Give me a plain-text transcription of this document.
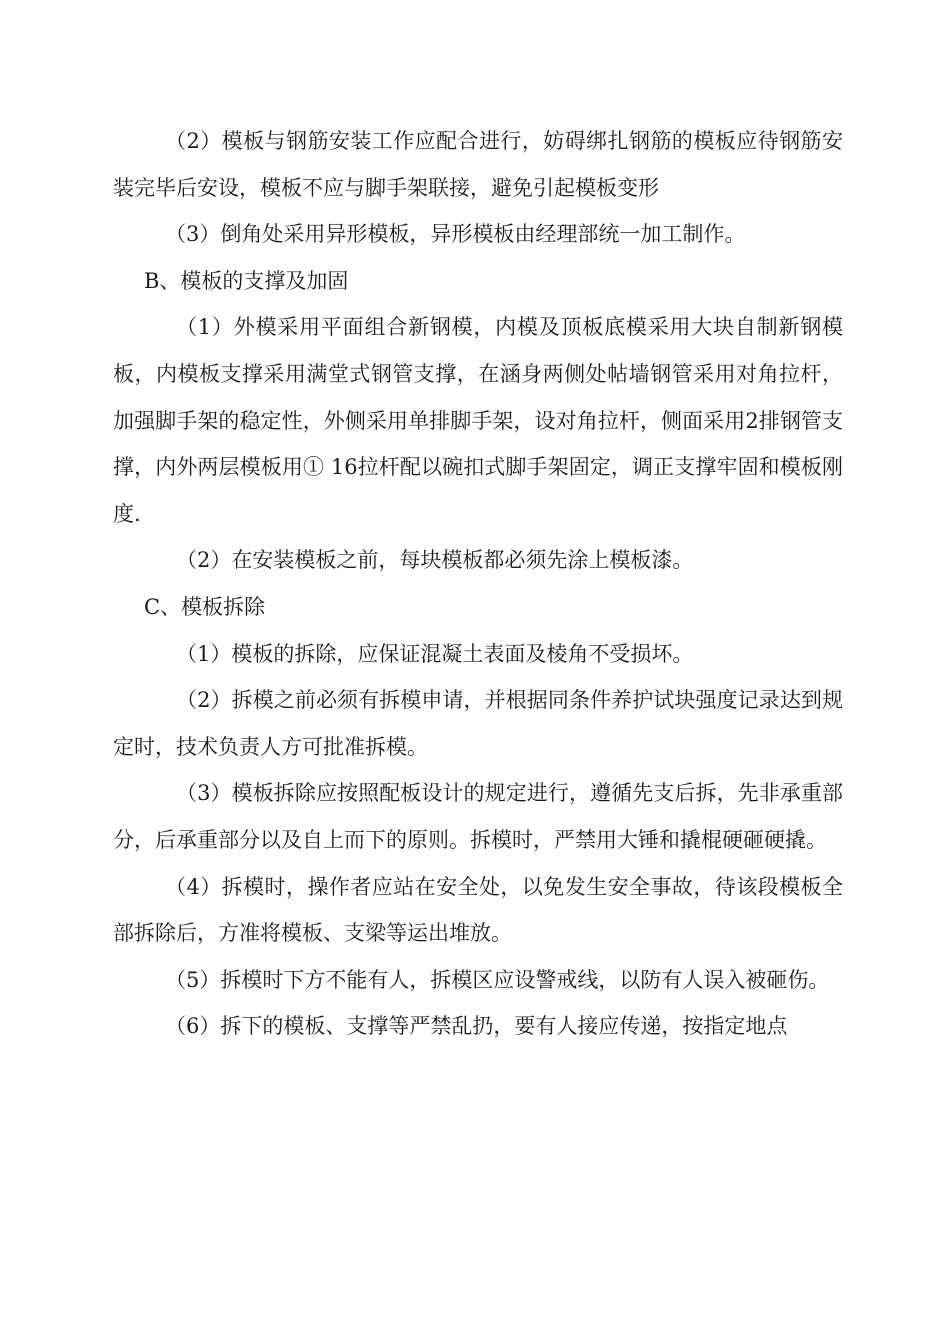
（2）模板与钢筋安装工作应配合进行，妨碍绑扎钢筋的模板应待钢筋安装完毕后安设，模板不应与脚手架联接，避免引起模板变形

（3）倒角处采用异形模板，异形模板由经理部统一加工制作。

B、模板的支撑及加固

（1）外模采用平面组合新钢模，内模及顶板底模采用大块自制新钢模板，内模板支撑采用满堂式钢管支撑，在涵身两侧处帖墙钢管采用对角拉杆，加强脚手架的稳定性，外侧采用单排脚手架，设对角拉杆，侧面采用2排钢管支撑，内外两层模板用① 16拉杆配以碗扣式脚手架固定，调正支撑牢固和模板刚度.

（2）在安装模板之前，每块模板都必须先涂上模板漆。

C、模板拆除

（1）模板的拆除，应保证混凝土表面及棱角不受损坏。

（2）拆模之前必须有拆模申请，并根据同条件养护试块强度记录达到规定时，技术负责人方可批准拆模。

（3）模板拆除应按照配板设计的规定进行，遵循先支后拆，先非承重部分，后承重部分以及自上而下的原则。拆模时，严禁用大锤和撬棍硬砸硬撬。

（4）拆模时，操作者应站在安全处，以免发生安全事故，待该段模板全部拆除后，方准将模板、支梁等运出堆放。

（5）拆模时下方不能有人，拆模区应设警戒线，以防有人误入被砸伤。

（6）拆下的模板、支撑等严禁乱扔，要有人接应传递，按指定地点
